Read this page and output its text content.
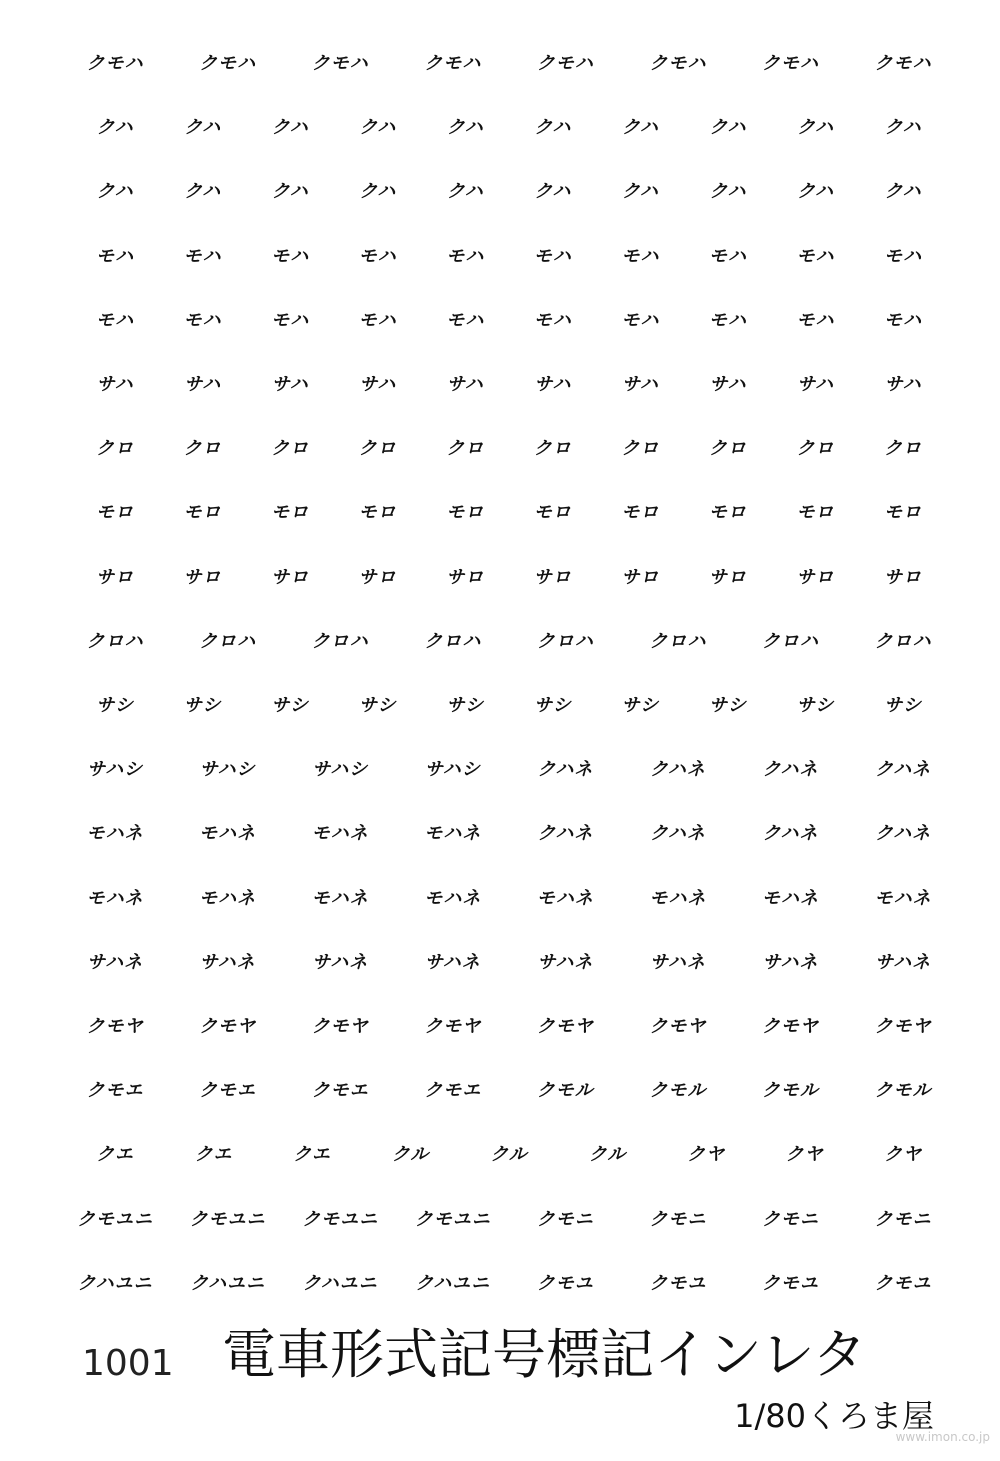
クモハ	クモハ	クモハ	クモハ	クモハ	クモハ	クモハ	クモハ
クハ	クハ	クハ	クハ	クハ	クハ	クハ	クハ	クハ	クハ
クハ	クハ	クハ	クハ	クハ	クハ	クハ	クハ	クハ	クハ
モハ	モハ	モハ	モハ	モハ	モハ	モハ	モハ	モハ	モハ
モハ	モハ	モハ	モハ	モハ	モハ	モハ	モハ	モハ	モハ
サハ	サハ	サハ	サハ	サハ	サハ	サハ	サハ	サハ	サハ
クロ	クロ	クロ	クロ	クロ	クロ	クロ	クロ	クロ	クロ
モロ	モロ	モロ	モロ	モロ	モロ	モロ	モロ	モロ	モロ
サロ	サロ	サロ	サロ	サロ	サロ	サロ	サロ	サロ	サロ
クロハ	クロハ	クロハ	クロハ	クロハ	クロハ	クロハ	クロハ
サシ	サシ	サシ	サシ	サシ	サシ	サシ	サシ	サシ	サシ
サハシ	サハシ	サハシ	サハシ	クハネ	クハネ	クハネ	クハネ
モハネ	モハネ	モハネ	モハネ	クハネ	クハネ	クハネ	クハネ
モハネ	モハネ	モハネ	モハネ	モハネ	モハネ	モハネ	モハネ
サハネ	サハネ	サハネ	サハネ	サハネ	サハネ	サハネ	サハネ
クモヤ	クモヤ	クモヤ	クモヤ	クモヤ	クモヤ	クモヤ	クモヤ
クモエ	クモエ	クモエ	クモエ	クモル	クモル	クモル	クモル
クエ	クエ	クエ	クル	クル	クル	クヤ	クヤ	クヤ
クモユニ クモユニ クモユニ クモユニ	クモニ	クモニ	クモニ	クモニ
クハユニ クハユニ クハユニ クハユニ	クモユ	クモユ	クモユ	クモユ
1001 電車形式記号標記インレタ
1/80くろま屋
www.imon.co.jp
